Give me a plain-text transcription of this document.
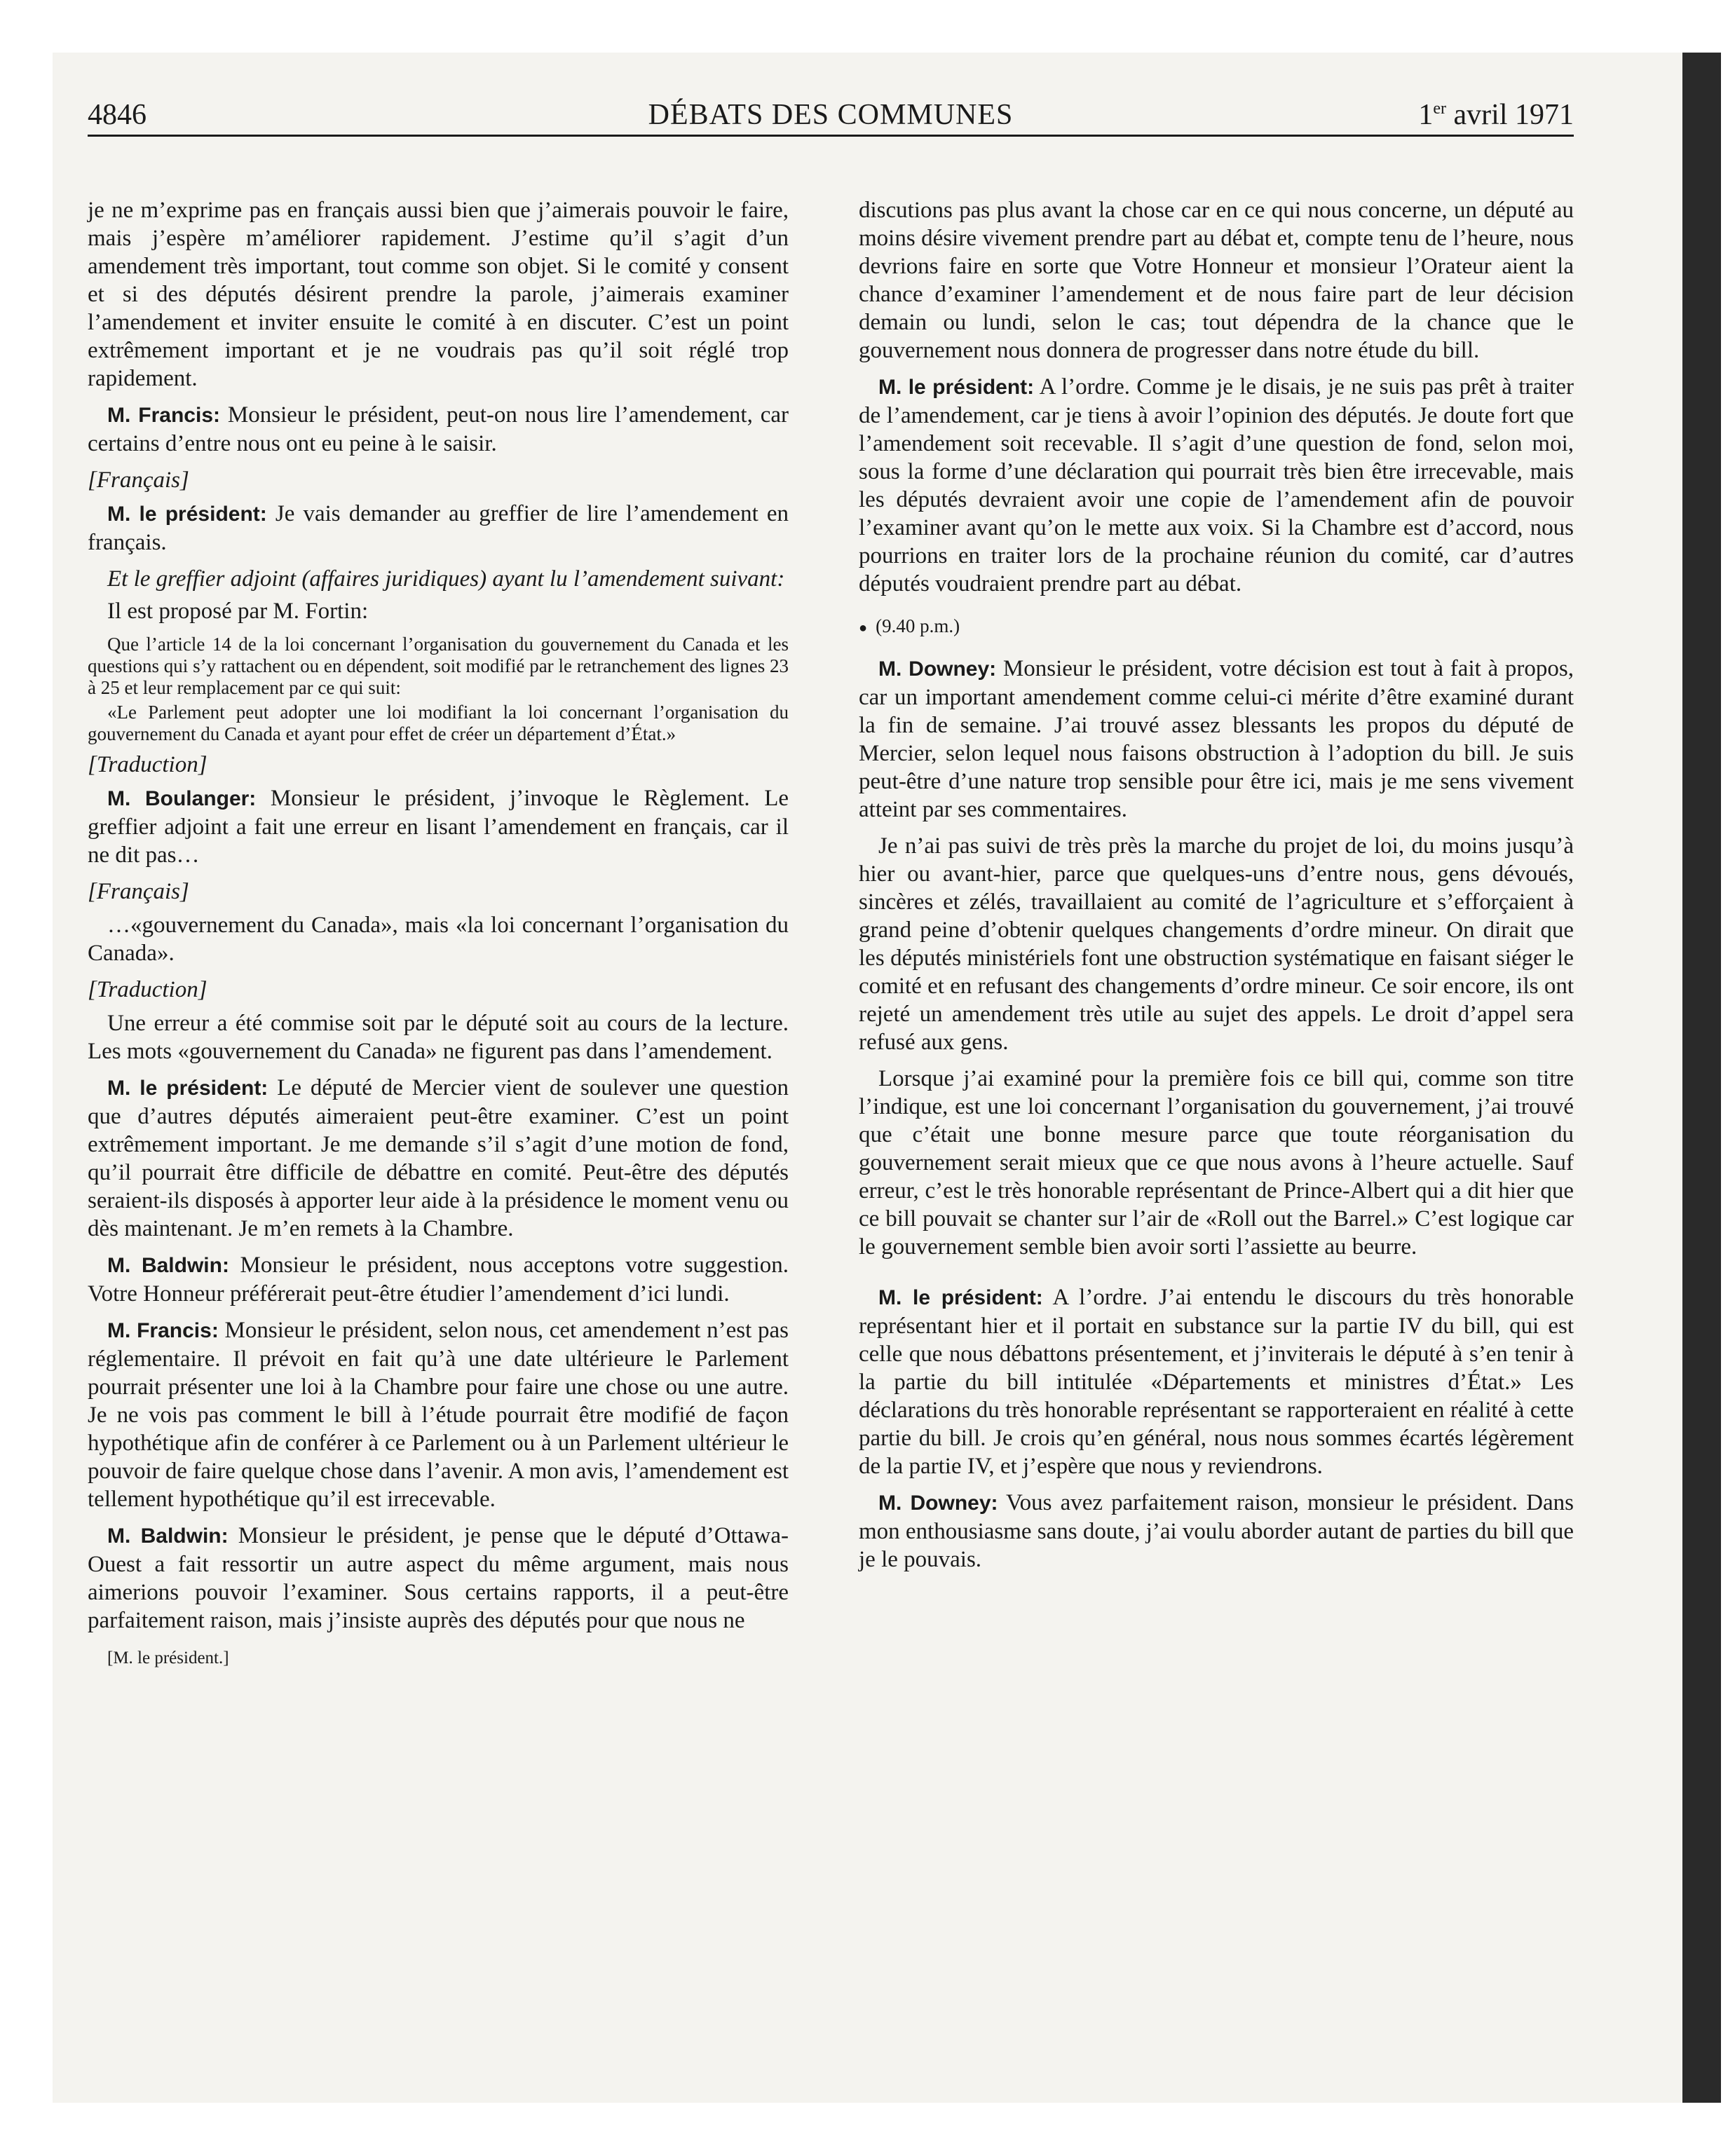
4846	DÉBATS DES COMMUNES	1er avril 1971

je ne m’exprime pas en français aussi bien que j’aimerais pouvoir le faire, mais j’espère m’améliorer rapidement. J’estime qu’il s’agit d’un amendement très important, tout comme son objet. Si le comité y consent et si des députés désirent prendre la parole, j’aimerais examiner l’amendement et inviter ensuite le comité à en discuter. C’est un point extrêmement important et je ne voudrais pas qu’il soit réglé trop rapidement.

M. Francis: Monsieur le président, peut-on nous lire l’amendement, car certains d’entre nous ont eu peine à le saisir.

[Français]

M. le président: Je vais demander au greffier de lire l’amendement en français.

Et le greffier adjoint (affaires juridiques) ayant lu l’amendement suivant:

Il est proposé par M. Fortin:

Que l’article 14 de la loi concernant l’organisation du gouvernement du Canada et les questions qui s’y rattachent ou en dépendent, soit modifié par le retranchement des lignes 23 à 25 et leur remplacement par ce qui suit:

«Le Parlement peut adopter une loi modifiant la loi concernant l’organisation du gouvernement du Canada et ayant pour effet de créer un département d’État.»

[Traduction]

M. Boulanger: Monsieur le président, j’invoque le Règlement. Le greffier adjoint a fait une erreur en lisant l’amendement en français, car il ne dit pas…

[Français]

…«gouvernement du Canada», mais «la loi concernant l’organisation du Canada».

[Traduction]

Une erreur a été commise soit par le député soit au cours de la lecture. Les mots «gouvernement du Canada» ne figurent pas dans l’amendement.

M. le président: Le député de Mercier vient de soulever une question que d’autres députés aimeraient peut-être examiner. C’est un point extrêmement important. Je me demande s’il s’agit d’une motion de fond, qu’il pourrait être difficile de débattre en comité. Peut-être des députés seraient-ils disposés à apporter leur aide à la présidence le moment venu ou dès maintenant. Je m’en remets à la Chambre.

M. Baldwin: Monsieur le président, nous acceptons votre suggestion. Votre Honneur préférerait peut-être étudier l’amendement d’ici lundi.

M. Francis: Monsieur le président, selon nous, cet amendement n’est pas réglementaire. Il prévoit en fait qu’à une date ultérieure le Parlement pourrait présenter une loi à la Chambre pour faire une chose ou une autre. Je ne vois pas comment le bill à l’étude pourrait être modifié de façon hypothétique afin de conférer à ce Parlement ou à un Parlement ultérieur le pouvoir de faire quelque chose dans l’avenir. A mon avis, l’amendement est tellement hypothétique qu’il est irrecevable.

M. Baldwin: Monsieur le président, je pense que le député d’Ottawa-Ouest a fait ressortir un autre aspect du même argument, mais nous aimerions pouvoir l’examiner. Sous certains rapports, il a peut-être parfaitement raison, mais j’insiste auprès des députés pour que nous ne

[M. le président.]

discutions pas plus avant la chose car en ce qui nous concerne, un député au moins désire vivement prendre part au débat et, compte tenu de l’heure, nous devrions faire en sorte que Votre Honneur et monsieur l’Orateur aient la chance d’examiner l’amendement et de nous faire part de leur décision demain ou lundi, selon le cas; tout dépendra de la chance que le gouvernement nous donnera de progresser dans notre étude du bill.

M. le président: A l’ordre. Comme je le disais, je ne suis pas prêt à traiter de l’amendement, car je tiens à avoir l’opinion des députés. Je doute fort que l’amendement soit recevable. Il s’agit d’une question de fond, selon moi, sous la forme d’une déclaration qui pourrait très bien être irrecevable, mais les députés devraient avoir une copie de l’amendement afin de pouvoir l’examiner avant qu’on le mette aux voix. Si la Chambre est d’accord, nous pourrions en traiter lors de la prochaine réunion du comité, car d’autres députés voudraient prendre part au débat.

● (9.40 p.m.)

M. Downey: Monsieur le président, votre décision est tout à fait à propos, car un important amendement comme celui-ci mérite d’être examiné durant la fin de semaine. J’ai trouvé assez blessants les propos du député de Mercier, selon lequel nous faisons obstruction à l’adoption du bill. Je suis peut-être d’une nature trop sensible pour être ici, mais je me sens vivement atteint par ses commentaires.

Je n’ai pas suivi de très près la marche du projet de loi, du moins jusqu’à hier ou avant-hier, parce que quelques-uns d’entre nous, gens dévoués, sincères et zélés, travaillaient au comité de l’agriculture et s’efforçaient à grand peine d’obtenir quelques changements d’ordre mineur. On dirait que les députés ministériels font une obstruction systématique en faisant siéger le comité et en refusant des changements d’ordre mineur. Ce soir encore, ils ont rejeté un amendement très utile au sujet des appels. Le droit d’appel sera refusé aux gens.

Lorsque j’ai examiné pour la première fois ce bill qui, comme son titre l’indique, est une loi concernant l’organisation du gouvernement, j’ai trouvé que c’était une bonne mesure parce que toute réorganisation du gouvernement serait mieux que ce que nous avons à l’heure actuelle. Sauf erreur, c’est le très honorable représentant de Prince-Albert qui a dit hier que ce bill pouvait se chanter sur l’air de «Roll out the Barrel.» C’est logique car le gouvernement semble bien avoir sorti l’assiette au beurre.

M. le président: A l’ordre. J’ai entendu le discours du très honorable représentant hier et il portait en substance sur la partie IV du bill, qui est celle que nous débattons présentement, et j’inviterais le député à s’en tenir à la partie du bill intitulée «Départements et ministres d’État.» Les déclarations du très honorable représentant se rapporteraient en réalité à cette partie du bill. Je crois qu’en général, nous nous sommes écartés légèrement de la partie IV, et j’espère que nous y reviendrons.

M. Downey: Vous avez parfaitement raison, monsieur le président. Dans mon enthousiasme sans doute, j’ai voulu aborder autant de parties du bill que je le pouvais.
